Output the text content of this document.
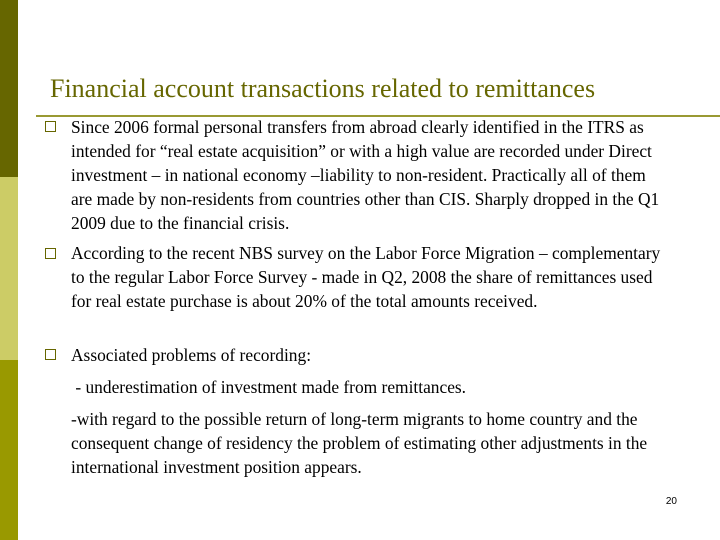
Financial account transactions related to remittances
Since 2006 formal personal transfers from abroad clearly identified in the ITRS as intended for “real estate acquisition” or with a high value are recorded under Direct investment – in national economy –liability to non-resident. Practically all of them are made by non-residents from countries other than CIS. Sharply dropped in the Q1 2009 due to the financial crisis.
According to the recent NBS survey on the Labor Force Migration – complementary to the regular Labor Force Survey - made in Q2, 2008 the share of remittances used for real estate purchase is about 20% of the total amounts received.
Associated problems of recording:
- underestimation of investment made from remittances.
-with regard to the possible return of long-term migrants to home country and the consequent change of residency the problem of estimating other adjustments in the international investment position appears.
20
